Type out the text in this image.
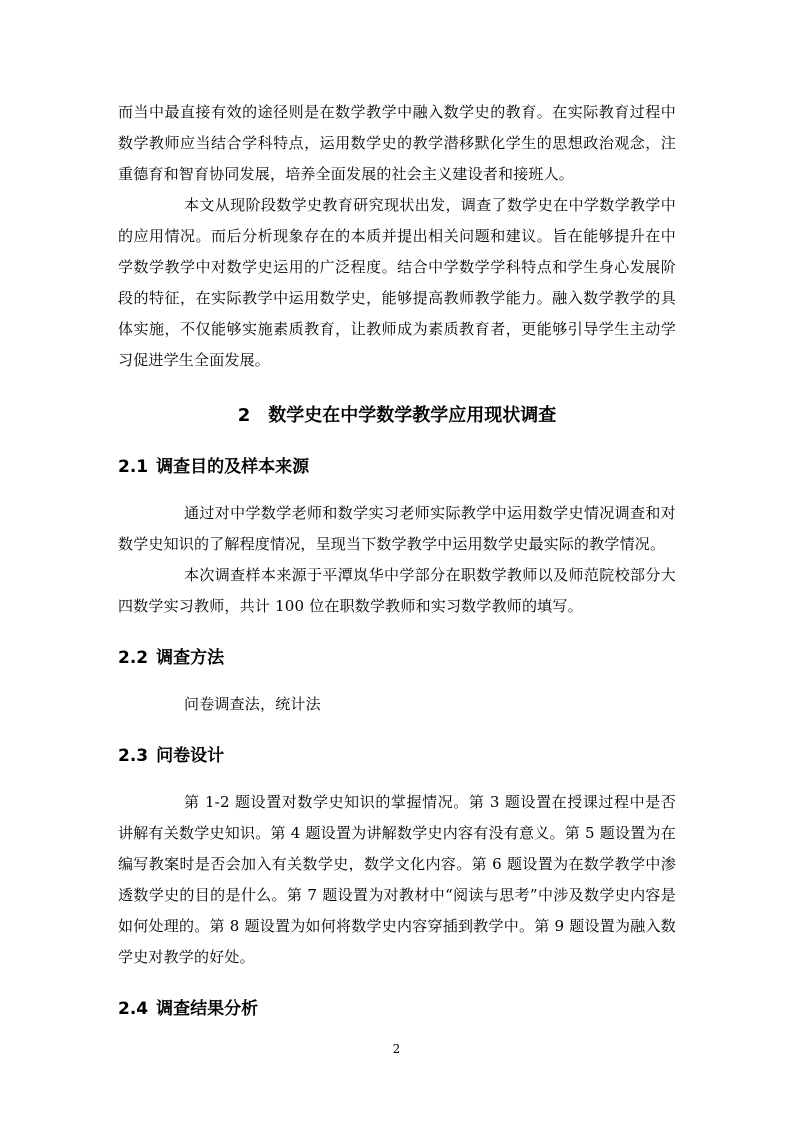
而当中最直接有效的途径则是在数学教学中融入数学史的教育。在实际教育过程中数学教师应当结合学科特点，运用数学史的教学潜移默化学生的思想政治观念，注重德育和智育协同发展，培养全面发展的社会主义建设者和接班人。

本文从现阶段数学史教育研究现状出发，调查了数学史在中学数学教学中的应用情况。而后分析现象存在的本质并提出相关问题和建议。旨在能够提升在中学数学教学中对数学史运用的广泛程度。结合中学数学学科特点和学生身心发展阶段的特征，在实际教学中运用数学史，能够提高教师教学能力。融入数学教学的具体实施，不仅能够实施素质教育，让教师成为素质教育者，更能够引导学生主动学习促进学生全面发展。

2 数学史在中学数学教学应用现状调查
2.1 调查目的及样本来源

通过对中学数学老师和数学实习老师实际教学中运用数学史情况调查和对数学史知识的了解程度情况，呈现当下数学教学中运用数学史最实际的教学情况。

本次调查样本来源于平潭岚华中学部分在职数学教师以及师范院校部分大四数学实习教师，共计 100 位在职数学教师和实习数学教师的填写。

2.2 调查方法

问卷调查法，统计法

2.3 问卷设计

第 1-2 题设置对数学史知识的掌握情况。第 3 题设置在授课过程中是否讲解有关数学史知识。第 4 题设置为讲解数学史内容有没有意义。第 5 题设置为在编写教案时是否会加入有关数学史，数学文化内容。第 6 题设置为在数学教学中渗透数学史的目的是什么。第 7 题设置为对教材中“阅读与思考”中涉及数学史内容是如何处理的。第 8 题设置为如何将数学史内容穿插到教学中。第 9 题设置为融入数学史对教学的好处。

2.4 调查结果分析
2
